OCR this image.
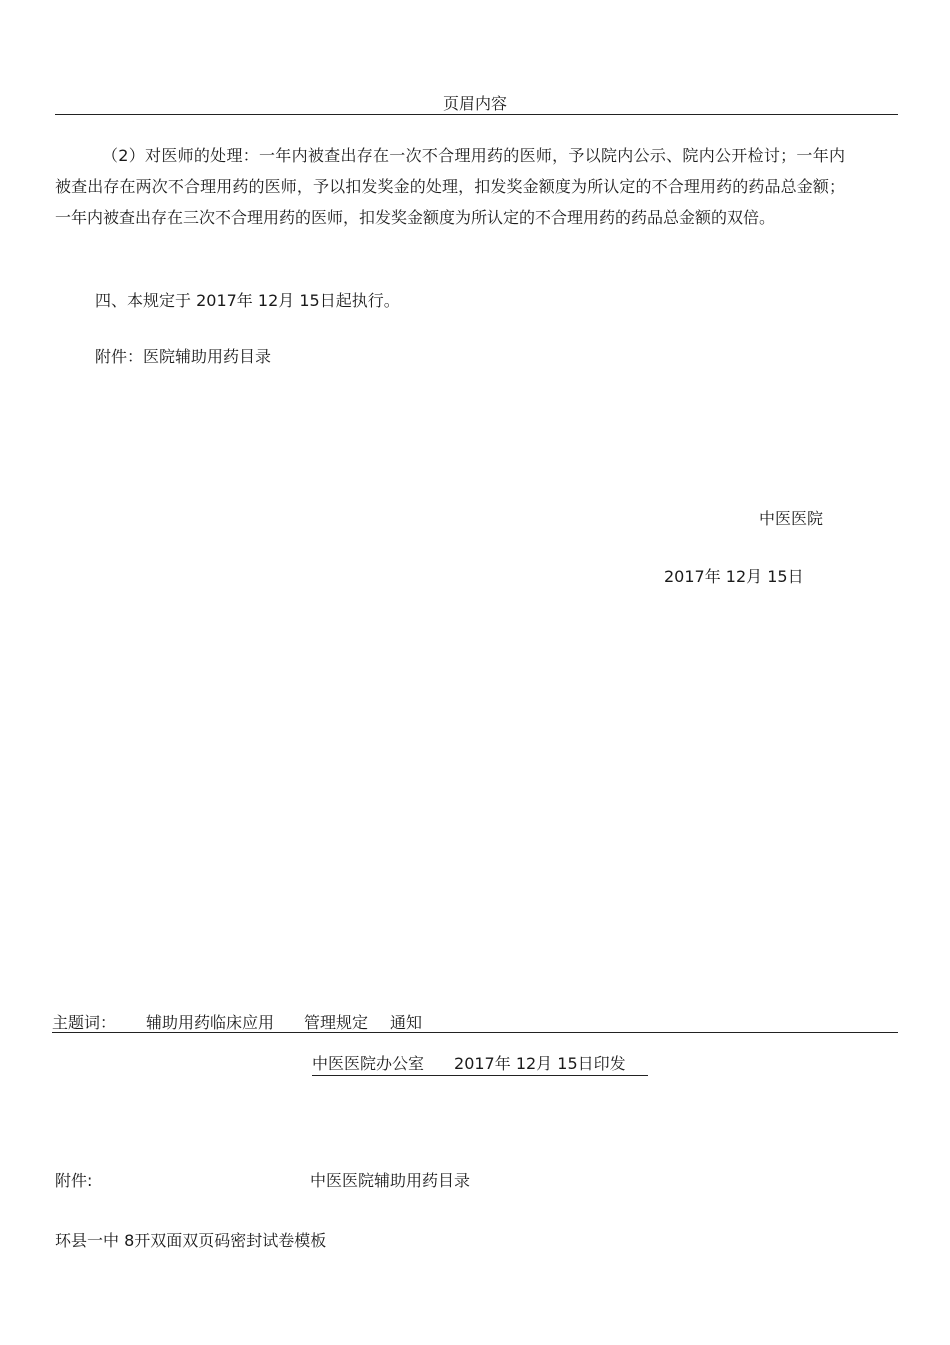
页眉内容
（2）对医师的处理：一年内被查出存在一次不合理用药的医师，予以院内公示、院内公开检讨；一年内被查出存在两次不合理用药的医师，予以扣发奖金的处理，扣发奖金额度为所认定的不合理用药的药品总金额；一年内被查出存在三次不合理用药的医师，扣发奖金额度为所认定的不合理用药的药品总金额的双倍。
四、本规定于 2017年 12月 15日起执行。
附件：医院辅助用药目录
中医医院
2017年 12月 15日
主题词： 辅助用药临床应用 管理规定 通知
中医医院办公室 2017年 12月 15日印发
附件:	中医医院辅助用药目录
环县一中 8开双面双页码密封试卷模板
